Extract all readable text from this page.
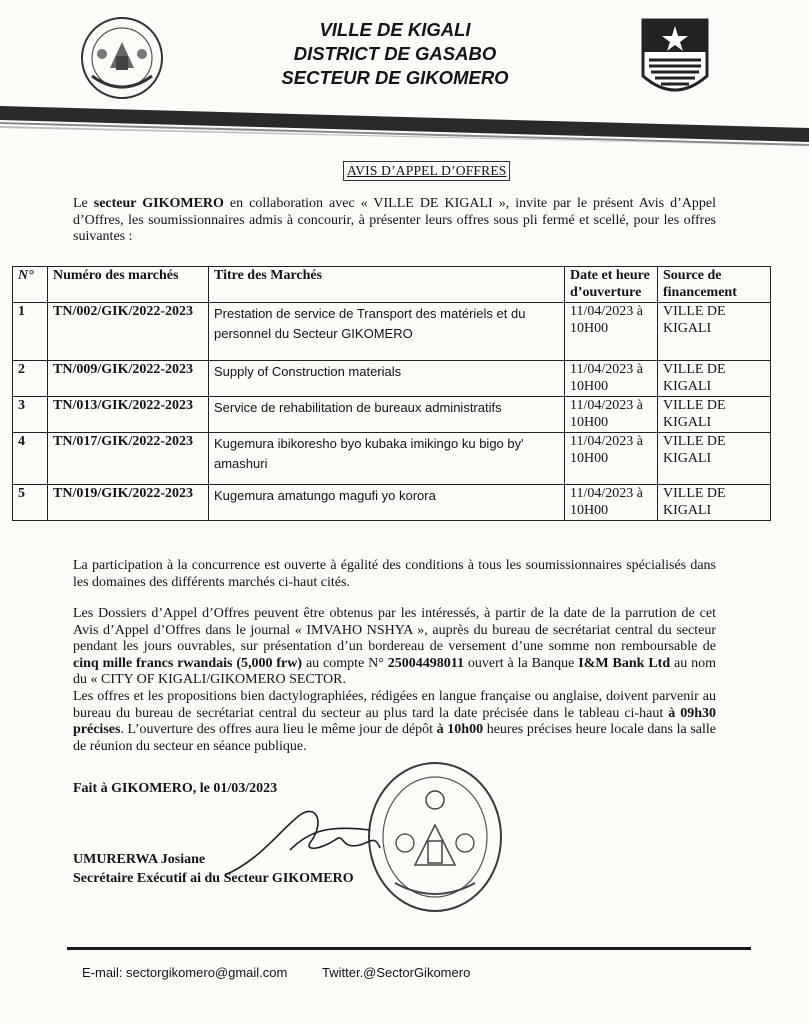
VILLE DE KIGALI
DISTRICT DE GASABO
SECTEUR DE GIKOMERO
AVIS D’APPEL D’OFFRES
Le secteur GIKOMERO en collaboration avec « VILLE DE KIGALI », invite par le présent Avis d’Appel d’Offres, les soumissionnaires admis à concourir, à présenter leurs offres sous pli fermé et scellé, pour les offres suivantes :
N°	Numéro des marchés	Titre des Marchés	Date et heure d’ouverture	Source de financement
1	TN/002/GIK/2022-2023	Prestation de service de Transport des matériels et du personnel du Secteur GIKOMERO	11/04/2023 à 10H00	VILLE DE KIGALI
2	TN/009/GIK/2022-2023	Supply of Construction materials	11/04/2023 à 10H00	VILLE DE KIGALI
3	TN/013/GIK/2022-2023	Service de rehabilitation de bureaux administratifs	11/04/2023 à 10H00	VILLE DE KIGALI
4	TN/017/GIK/2022-2023	Kugemura ibikoresho byo kubaka imikingo ku bigo by' amashuri	11/04/2023 à 10H00	VILLE DE KIGALI
5	TN/019/GIK/2022-2023	Kugemura amatungo magufi yo korora	11/04/2023 à 10H00	VILLE DE KIGALI
La participation à la concurrence est ouverte à égalité des conditions à tous les soumissionnaires spécialisés dans les domaines des différents marchés ci-haut cités.
Les Dossiers d’Appel d’Offres peuvent être obtenus par les intéressés, à partir de la date de la parrution de cet Avis d’Appel d’Offres dans le journal « IMVAHO NSHYA », auprès du bureau de secrétariat central du secteur pendant les jours ouvrables, sur présentation d’un bordereau de versement d’une somme non remboursable de cinq mille francs rwandais (5,000 frw) au compte N° 25004498011 ouvert à la Banque I&M Bank Ltd au nom du « CITY OF KIGALI/GIKOMERO SECTOR.
Les offres et les propositions bien dactylographiées, rédigées en langue française ou anglaise, doivent parvenir au bureau du bureau de secrétariat central du secteur au plus tard la date précisée dans le tableau ci-haut à 09h30 précises. L’ouverture des offres aura lieu le même jour de dépôt à 10h00 heures précises heure locale dans la salle de réunion du secteur en séance publique.
Fait à GIKOMERO, le 01/03/2023
UMURERWA Josiane
Secrétaire Exécutif ai du Secteur GIKOMERO
E-mail: sectorgikomero@gmail.com	Twitter.@SectorGikomero
